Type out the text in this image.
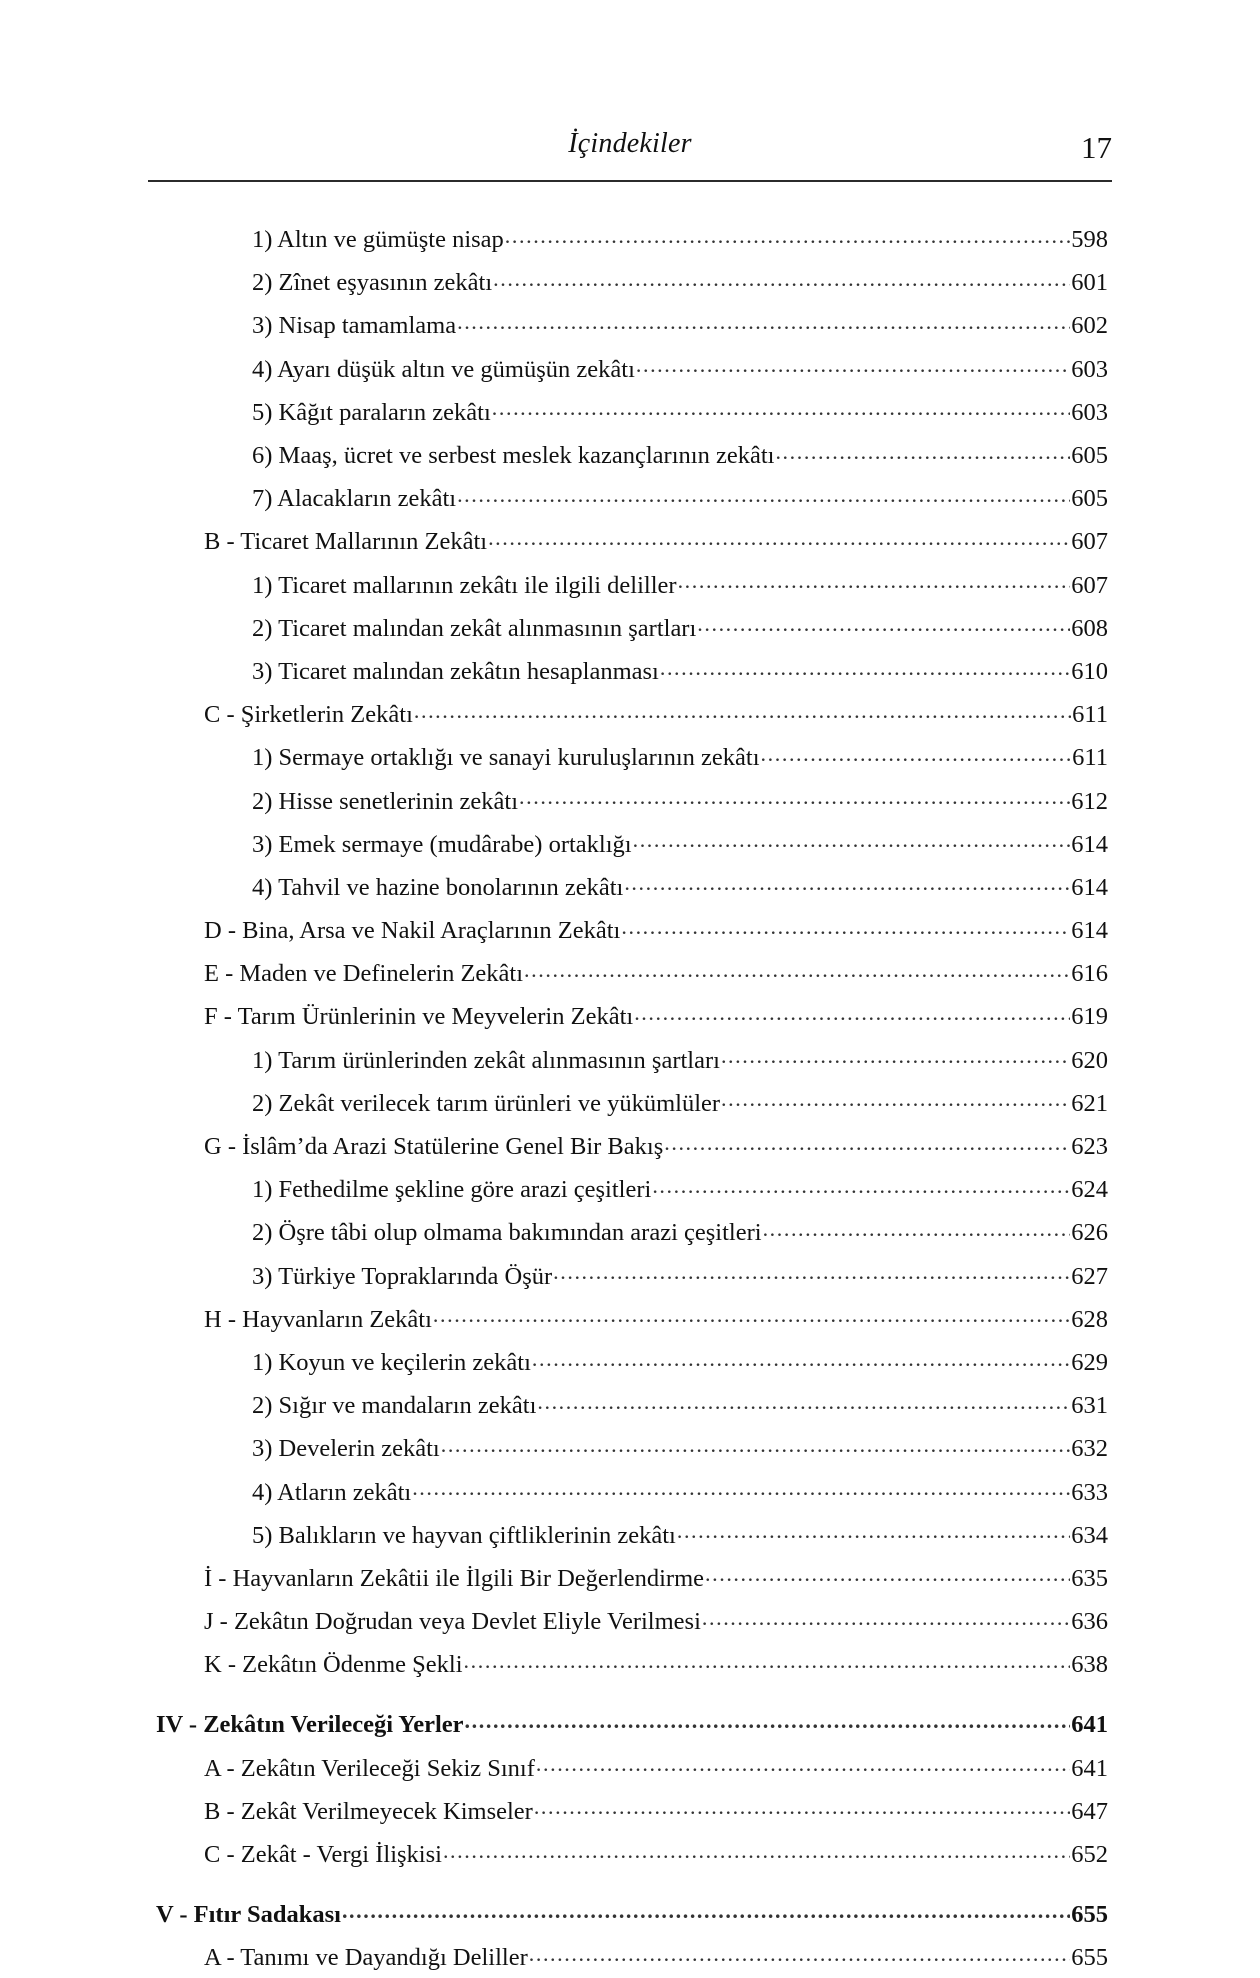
İçindekiler	17
1) Altın ve gümüşte nisap .....	598
2) Zînet eşyasının zekâtı .....	601
3) Nisap tamamlama .....	602
4) Ayarı düşük altın ve gümüşün zekâtı .....	603
5) Kâğıt paraların zekâtı .....	603
6) Maaş, ücret ve serbest meslek kazançlarının zekâtı .....	605
7) Alacakların zekâtı .....	605
B - Ticaret Mallarının Zekâtı .....	607
1) Ticaret mallarının zekâtı ile ilgili deliller .....	607
2) Ticaret malından zekât alınmasının şartları .....	608
3) Ticaret malından zekâtın hesaplanması .....	610
C - Şirketlerin Zekâtı .....	611
1) Sermaye ortaklığı ve sanayi kuruluşlarının zekâtı .....	611
2) Hisse senetlerinin zekâtı .....	612
3) Emek sermaye (mudârabe) ortaklığı .....	614
4) Tahvil ve hazine bonolarının zekâtı .....	614
D - Bina, Arsa ve Nakil Araçlarının Zekâtı .....	614
E - Maden ve Definelerin Zekâtı .....	616
F - Tarım Ürünlerinin ve Meyvelerin Zekâtı .....	619
1) Tarım ürünlerinden zekât alınmasının şartları .....	620
2) Zekât verilecek tarım ürünleri ve yükümlüler .....	621
G - İslâm’da Arazi Statülerine Genel Bir Bakış .....	623
1) Fethedilme şekline göre arazi çeşitleri .....	624
2) Öşre tâbi olup olmama bakımından arazi çeşitleri .....	626
3) Türkiye Topraklarında Öşür .....	627
H - Hayvanların Zekâtı .....	628
1) Koyun ve keçilerin zekâtı .....	629
2) Sığır ve mandaların zekâtı .....	631
3) Develerin zekâtı .....	632
4) Atların zekâtı .....	633
5) Balıkların ve hayvan çiftliklerinin zekâtı .....	634
İ - Hayvanların Zekâtii ile İlgili Bir Değerlendirme .....	635
J - Zekâtın Doğrudan veya Devlet Eliyle Verilmesi .....	636
K - Zekâtın Ödenme Şekli .....	638
IV - Zekâtın Verileceği Yerler .....	641
A - Zekâtın Verileceği Sekiz Sınıf .....	641
B - Zekât Verilmeyecek Kimseler .....	647
C - Zekât - Vergi İlişkisi .....	652
V - Fıtır Sadakası .....	655
A - Tanımı ve Dayandığı Deliller .....	655
